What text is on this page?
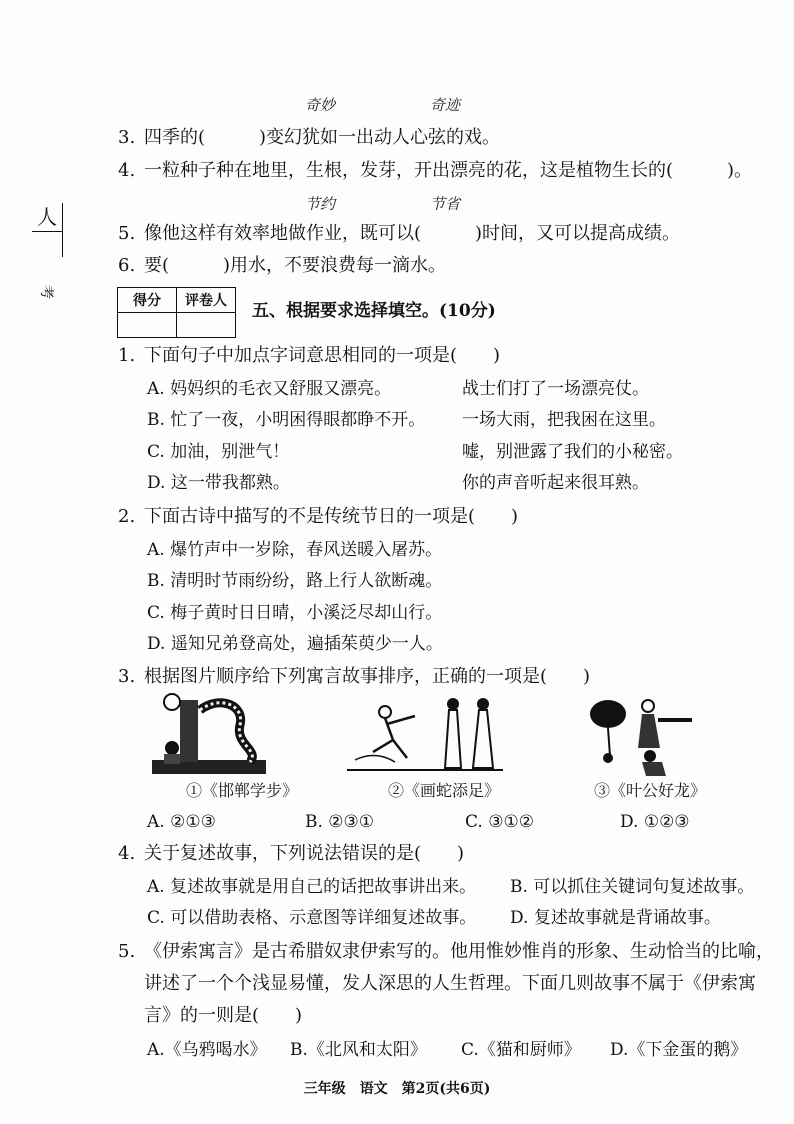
奇妙	奇迹
3. 四季的(　　　)变幻犹如一出动人心弦的戏。
4. 一粒种子种在地里，生根，发芽，开出漂亮的花，这是植物生长的(　　　)。
节约	节省
5. 像他这样有效率地做作业，既可以(　　　)时间，又可以提高成绩。
6. 要(　　　)用水，不要浪费每一滴水。
人
考
得分	评卷人
	五、根据要求选择填空。(10分)
1. 下面句子中加点字词意思相同的一项是(　　)
A. 妈妈织的毛衣又舒服又漂亮。	战士们打了一场漂亮仗。
B. 忙了一夜，小明困得眼都睁不开。 一场大雨，把我困在这里。
C. 加油，别泄气！	嘘，别泄露了我们的小秘密。
D. 这一带我都熟。	你的声音听起来很耳熟。
2. 下面古诗中描写的不是传统节日的一项是(　　)
A. 爆竹声中一岁除，春风送暖入屠苏。
B. 清明时节雨纷纷，路上行人欲断魂。
C. 梅子黄时日日晴，小溪泛尽却山行。
D. 遥知兄弟登高处，遍插茱萸少一人。
3. 根据图片顺序给下列寓言故事排序，正确的一项是(　　)
①《邯郸学步》	②《画蛇添足》	③《叶公好龙》
A. ②①③	B. ②③①	C. ③①②	D. ①②③
4. 关于复述故事，下列说法错误的是(　　)
A. 复述故事就是用自己的话把故事讲出来。 B. 可以抓住关键词句复述故事。
C. 可以借助表格、示意图等详细复述故事。 D. 复述故事就是背诵故事。
5. 《伊索寓言》是古希腊奴隶伊索写的。他用惟妙惟肖的形象、生动恰当的比喻，
讲述了一个个浅显易懂，发人深思的人生哲理。下面几则故事不属于《伊索寓
言》的一则是(　　)
A.《乌鸦喝水》 B.《北风和太阳》 C.《猫和厨师》 D.《下金蛋的鹅》
三年级　语文　第2页(共6页)
